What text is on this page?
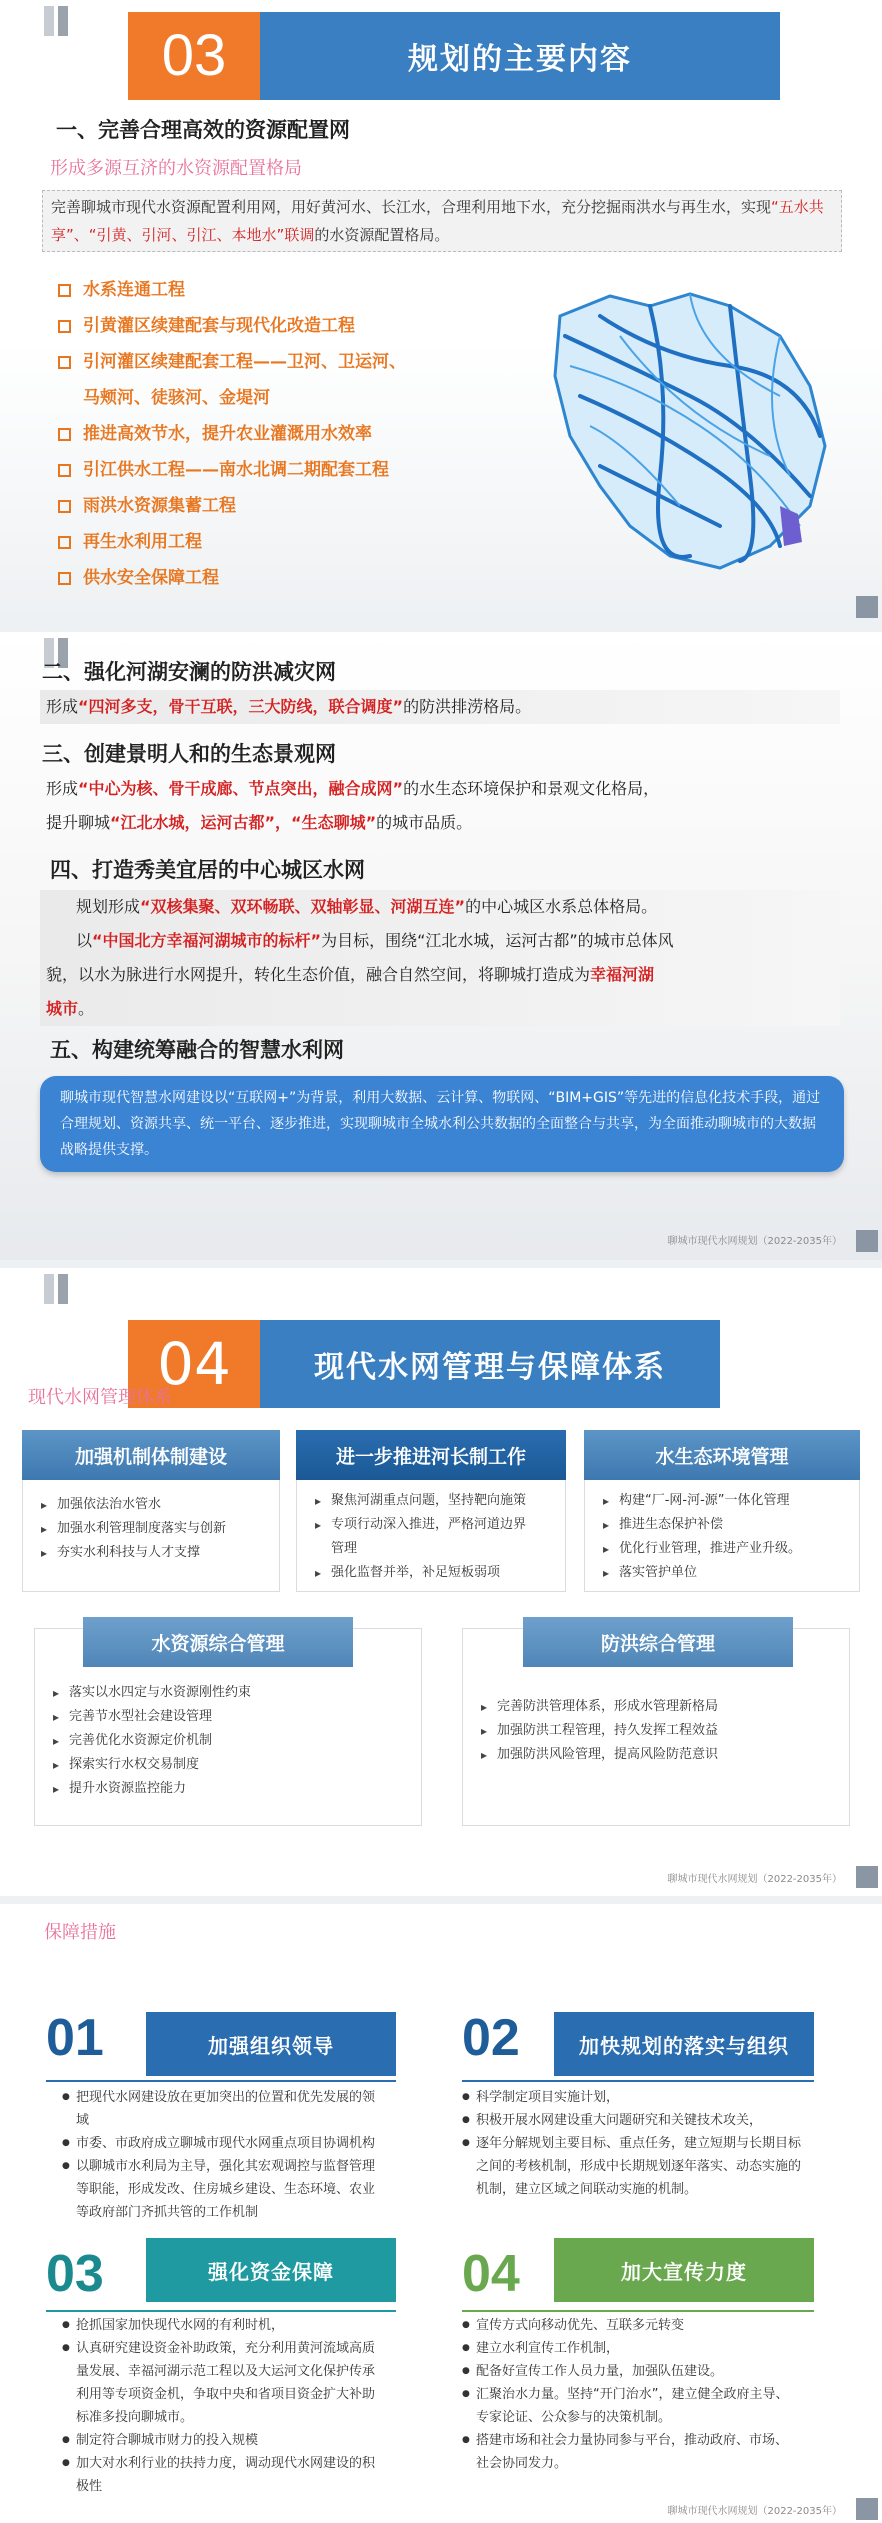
03	规划的主要内容
一、完善合理高效的资源配置网
形成多源互济的水资源配置格局
完善聊城市现代水资源配置利用网，用好黄河水、长江水，合理利用地下水，充分挖掘雨洪水与再生水，实现“五水共享”、“引黄、引河、引江、本地水”联调的水资源配置格局。
水系连通工程
引黄灌区续建配套与现代化改造工程
引河灌区续建配套工程——卫河、卫运河、
马颊河、徒骇河、金堤河
推进高效节水，提升农业灌溉用水效率
引江供水工程——南水北调二期配套工程
雨洪水资源集蓄工程
再生水利用工程
供水安全保障工程
二、强化河湖安澜的防洪减灾网
形成“四河多支，骨干互联，三大防线，联合调度”的防洪排涝格局。
三、创建景明人和的生态景观网
形成“中心为核、骨干成廊、节点突出，融合成网”的水生态环境保护和景观文化格局，
提升聊城“江北水城，运河古都”，“生态聊城”的城市品质。
四、打造秀美宜居的中心城区水网
规划形成“双核集聚、双环畅联、双轴彰显、河湖互连”的中心城区水系总体格局。
以“中国北方幸福河湖城市的标杆”为目标，围绕“江北水城，运河古都”的城市总体风
貌，以水为脉进行水网提升，转化生态价值，融合自然空间，将聊城打造成为幸福河湖
城市。
五、构建统筹融合的智慧水利网
聊城市现代智慧水网建设以“互联网+”为背景，利用大数据、云计算、物联网、“BIM+GIS”等先进的信息化技术手段，通过合理规划、资源共享、统一平台、逐步推进，实现聊城市全城水利公共数据的全面整合与共享，为全面推动聊城市的大数据战略提供支撑。
聊城市现代水网规划（2022-2035年）
04	现代水网管理与保障体系
现代水网管理体系
加强机制体制建设
▸ 加强依法治水管水
▸ 加强水利管理制度落实与创新
▸ 夯实水利科技与人才支撑
进一步推进河长制工作
▸ 聚焦河湖重点问题，坚持靶向施策
▸ 专项行动深入推进，严格河道边界
管理
▸ 强化监督并举，补足短板弱项
水生态环境管理
▸ 构建“厂-网-河-源”一体化管理
▸ 推进生态保护补偿
▸ 优化行业管理，推进产业升级。
▸ 落实管护单位
水资源综合管理
▸ 落实以水四定与水资源刚性约束
▸ 完善节水型社会建设管理
▸ 完善优化水资源定价机制
▸ 探索实行水权交易制度
▸ 提升水资源监控能力
防洪综合管理
▸ 完善防洪管理体系，形成水管理新格局
▸ 加强防洪工程管理，持久发挥工程效益
▸ 加强防洪风险管理，提高风险防范意识
聊城市现代水网规划（2022-2035年）
保障措施
01	加强组织领导
● 把现代水网建设放在更加突出的位置和优先发展的领
域
● 市委、市政府成立聊城市现代水网重点项目协调机构
● 以聊城市水利局为主导，强化其宏观调控与监督管理
等职能，形成发改、住房城乡建设、生态环境、农业
等政府部门齐抓共管的工作机制
02	加快规划的落实与组织
● 科学制定项目实施计划，
● 积极开展水网建设重大问题研究和关键技术攻关，
● 逐年分解规划主要目标、重点任务，建立短期与长期目标
之间的考核机制，形成中长期规划逐年落实、动态实施的
机制，建立区域之间联动实施的机制。
03	强化资金保障
● 抢抓国家加快现代水网的有利时机，
● 认真研究建设资金补助政策，充分利用黄河流域高质
量发展、幸福河湖示范工程以及大运河文化保护传承
利用等专项资金机，争取中央和省项目资金扩大补助
标准多投向聊城市。
● 制定符合聊城市财力的投入规模
● 加大对水利行业的扶持力度，调动现代水网建设的积
极性
04	加大宣传力度
● 宣传方式向移动优先、互联多元转变
● 建立水利宣传工作机制，
● 配备好宣传工作人员力量，加强队伍建设。
● 汇聚治水力量。坚持“开门治水”，建立健全政府主导、
专家论证、公众参与的决策机制。
● 搭建市场和社会力量协同参与平台，推动政府、市场、
社会协同发力。
聊城市现代水网规划（2022-2035年）
